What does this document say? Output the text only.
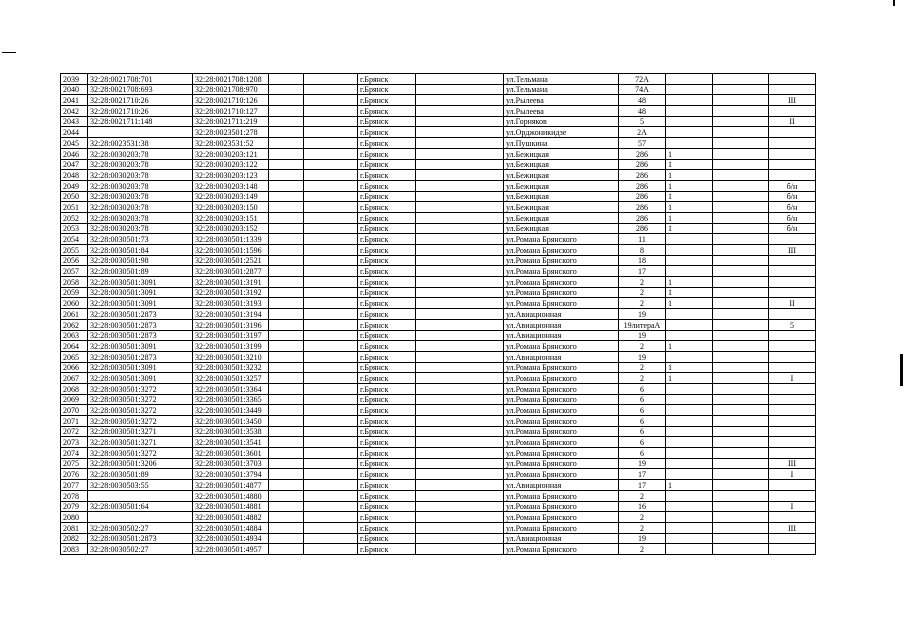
2039	32:28:0021708:701	32:28:0021708:1208			г.Брянск		ул.Тельмана	72А			
2040	32:28:0021708:693	32:28:0021708:970			г.Брянск		ул.Тельмана	74А			
2041	32:28:0021710:26	32:28:0021710:126			г.Брянск		ул.Рылеева	48			III
2042	32:28:0021710:26	32:28:0021710:127			г.Брянск		ул.Рылеева	48			
2043	32:28:0021711:148	32:28:0021711:219			г.Брянск		ул.Горняков	5			II
2044		32:28:0023501:278			г.Брянск		ул.Орджоникидзе	2А			
2045	32:28:0023531:38	32:28:0023531:52			г.Брянск		ул.Пушкина	57			
2046	32:28:0030203:78	32:28:0030203:121			г.Брянск		ул.Бежицкая	286	1		
2047	32:28:0030203:78	32:28:0030203:122			г.Брянск		ул.Бежицкая	286	1		
2048	32:28:0030203:78	32:28:0030203:123			г.Брянск		ул.Бежицкая	286	1		
2049	32:28:0030203:78	32:28:0030203:148			г.Брянск		ул.Бежицкая	286	1		б/н
2050	32:28:0030203:78	32:28:0030203:149			г.Брянск		ул.Бежицкая	286	1		б/н
2051	32:28:0030203:78	32:28:0030203:150			г.Брянск		ул.Бежицкая	286	1		б/н
2052	32:28:0030203:78	32:28:0030203:151			г.Брянск		ул.Бежицкая	286	1		б/н
2053	32:28:0030203:78	32:28:0030203:152			г.Брянск		ул.Бежицкая	286	1		б/н
2054	32:28:0030501:73	32:28:0030501:1339			г.Брянск		ул.Романа Брянского	11			
2055	32:28:0030501:84	32:28:0030501:1596			г.Брянск		ул.Романа Брянского	8			III
2056	32:28:0030501:98	32:28:0030501:2521			г.Брянск		ул.Романа Брянского	18			
2057	32:28:0030501:89	32:28:0030501:2877			г.Брянск		ул.Романа Брянского	17			
2058	32:28:0030501:3091	32:28:0030501:3191			г.Брянск		ул.Романа Брянского	2	1		
2059	32:28:0030501:3091	32:28:0030501:3192			г.Брянск		ул.Романа Брянского	2	1		
2060	32:28:0030501:3091	32:28:0030501:3193			г.Брянск		ул.Романа Брянского	2	1		II
2061	32:28:0030501:2873	32:28:0030501:3194			г.Брянск		ул.Авиационная	19			
2062	32:28:0030501:2873	32:28:0030501:3196			г.Брянск		ул.Авиационная	19литераА			5
2063	32:28:0030501:2873	32:28:0030501:3197			г.Брянск		ул.Авиационная	19			
2064	32:28:0030501:3091	32:28:0030501:3199			г.Брянск		ул.Романа Брянского	2	1		
2065	32:28:0030501:2873	32:28:0030501:3210			г.Брянск		ул.Авиационная	19			
2066	32:28:0030501:3091	32:28:0030501:3232			г.Брянск		ул.Романа Брянского	2	1		
2067	32:28:0030501:3091	32:28:0030501:3257			г.Брянск		ул.Романа Брянского	2	1		I
2068	32:28:0030501:3272	32:28:0030501:3364			г.Брянск		ул.Романа Брянского	6			
2069	32:28:0030501:3272	32:28:0030501:3365			г.Брянск		ул.Романа Брянского	6			
2070	32:28:0030501:3272	32:28:0030501:3449			г.Брянск		ул.Романа Брянского	6			
2071	32:28:0030501:3272	32:28:0030501:3450			г.Брянск		ул.Романа Брянского	6			
2072	32:28:0030501:3271	32:28:0030501:3538			г.Брянск		ул.Романа Брянского	6			
2073	32:28:0030501:3271	32:28:0030501:3541			г.Брянск		ул.Романа Брянского	6			
2074	32:28:0030501:3272	32:28:0030501:3601			г.Брянск		ул.Романа Брянского	6			
2075	32:28:0030501:3206	32:28:0030501:3703			г.Брянск		ул.Романа Брянского	19			III
2076	32:28:0030501:89	32:28:0030501:3794			г.Брянск		ул.Романа Брянского	17			I
2077	32:28:0030503:55	32:28:0030501:4877			г.Брянск		ул.Авиационная	17	1		
2078		32:28:0030501:4880			г.Брянск		ул.Романа Брянского	2			
2079	32:28:0030501:64	32:28:0030501:4881			г.Брянск		ул.Романа Брянского	16			I
2080		32:28:0030501:4882			г.Брянск		ул.Романа Брянского	2			
2081	32:28:0030502:27	32:28:0030501:4884			г.Брянск		ул.Романа Брянского	2			III
2082	32:28:0030501:2873	32:28:0030501:4934			г.Брянск		ул.Авиационная	19			
2083	32:28:0030502:27	32:28:0030501:4957			г.Брянск		ул.Романа Брянского	2			
